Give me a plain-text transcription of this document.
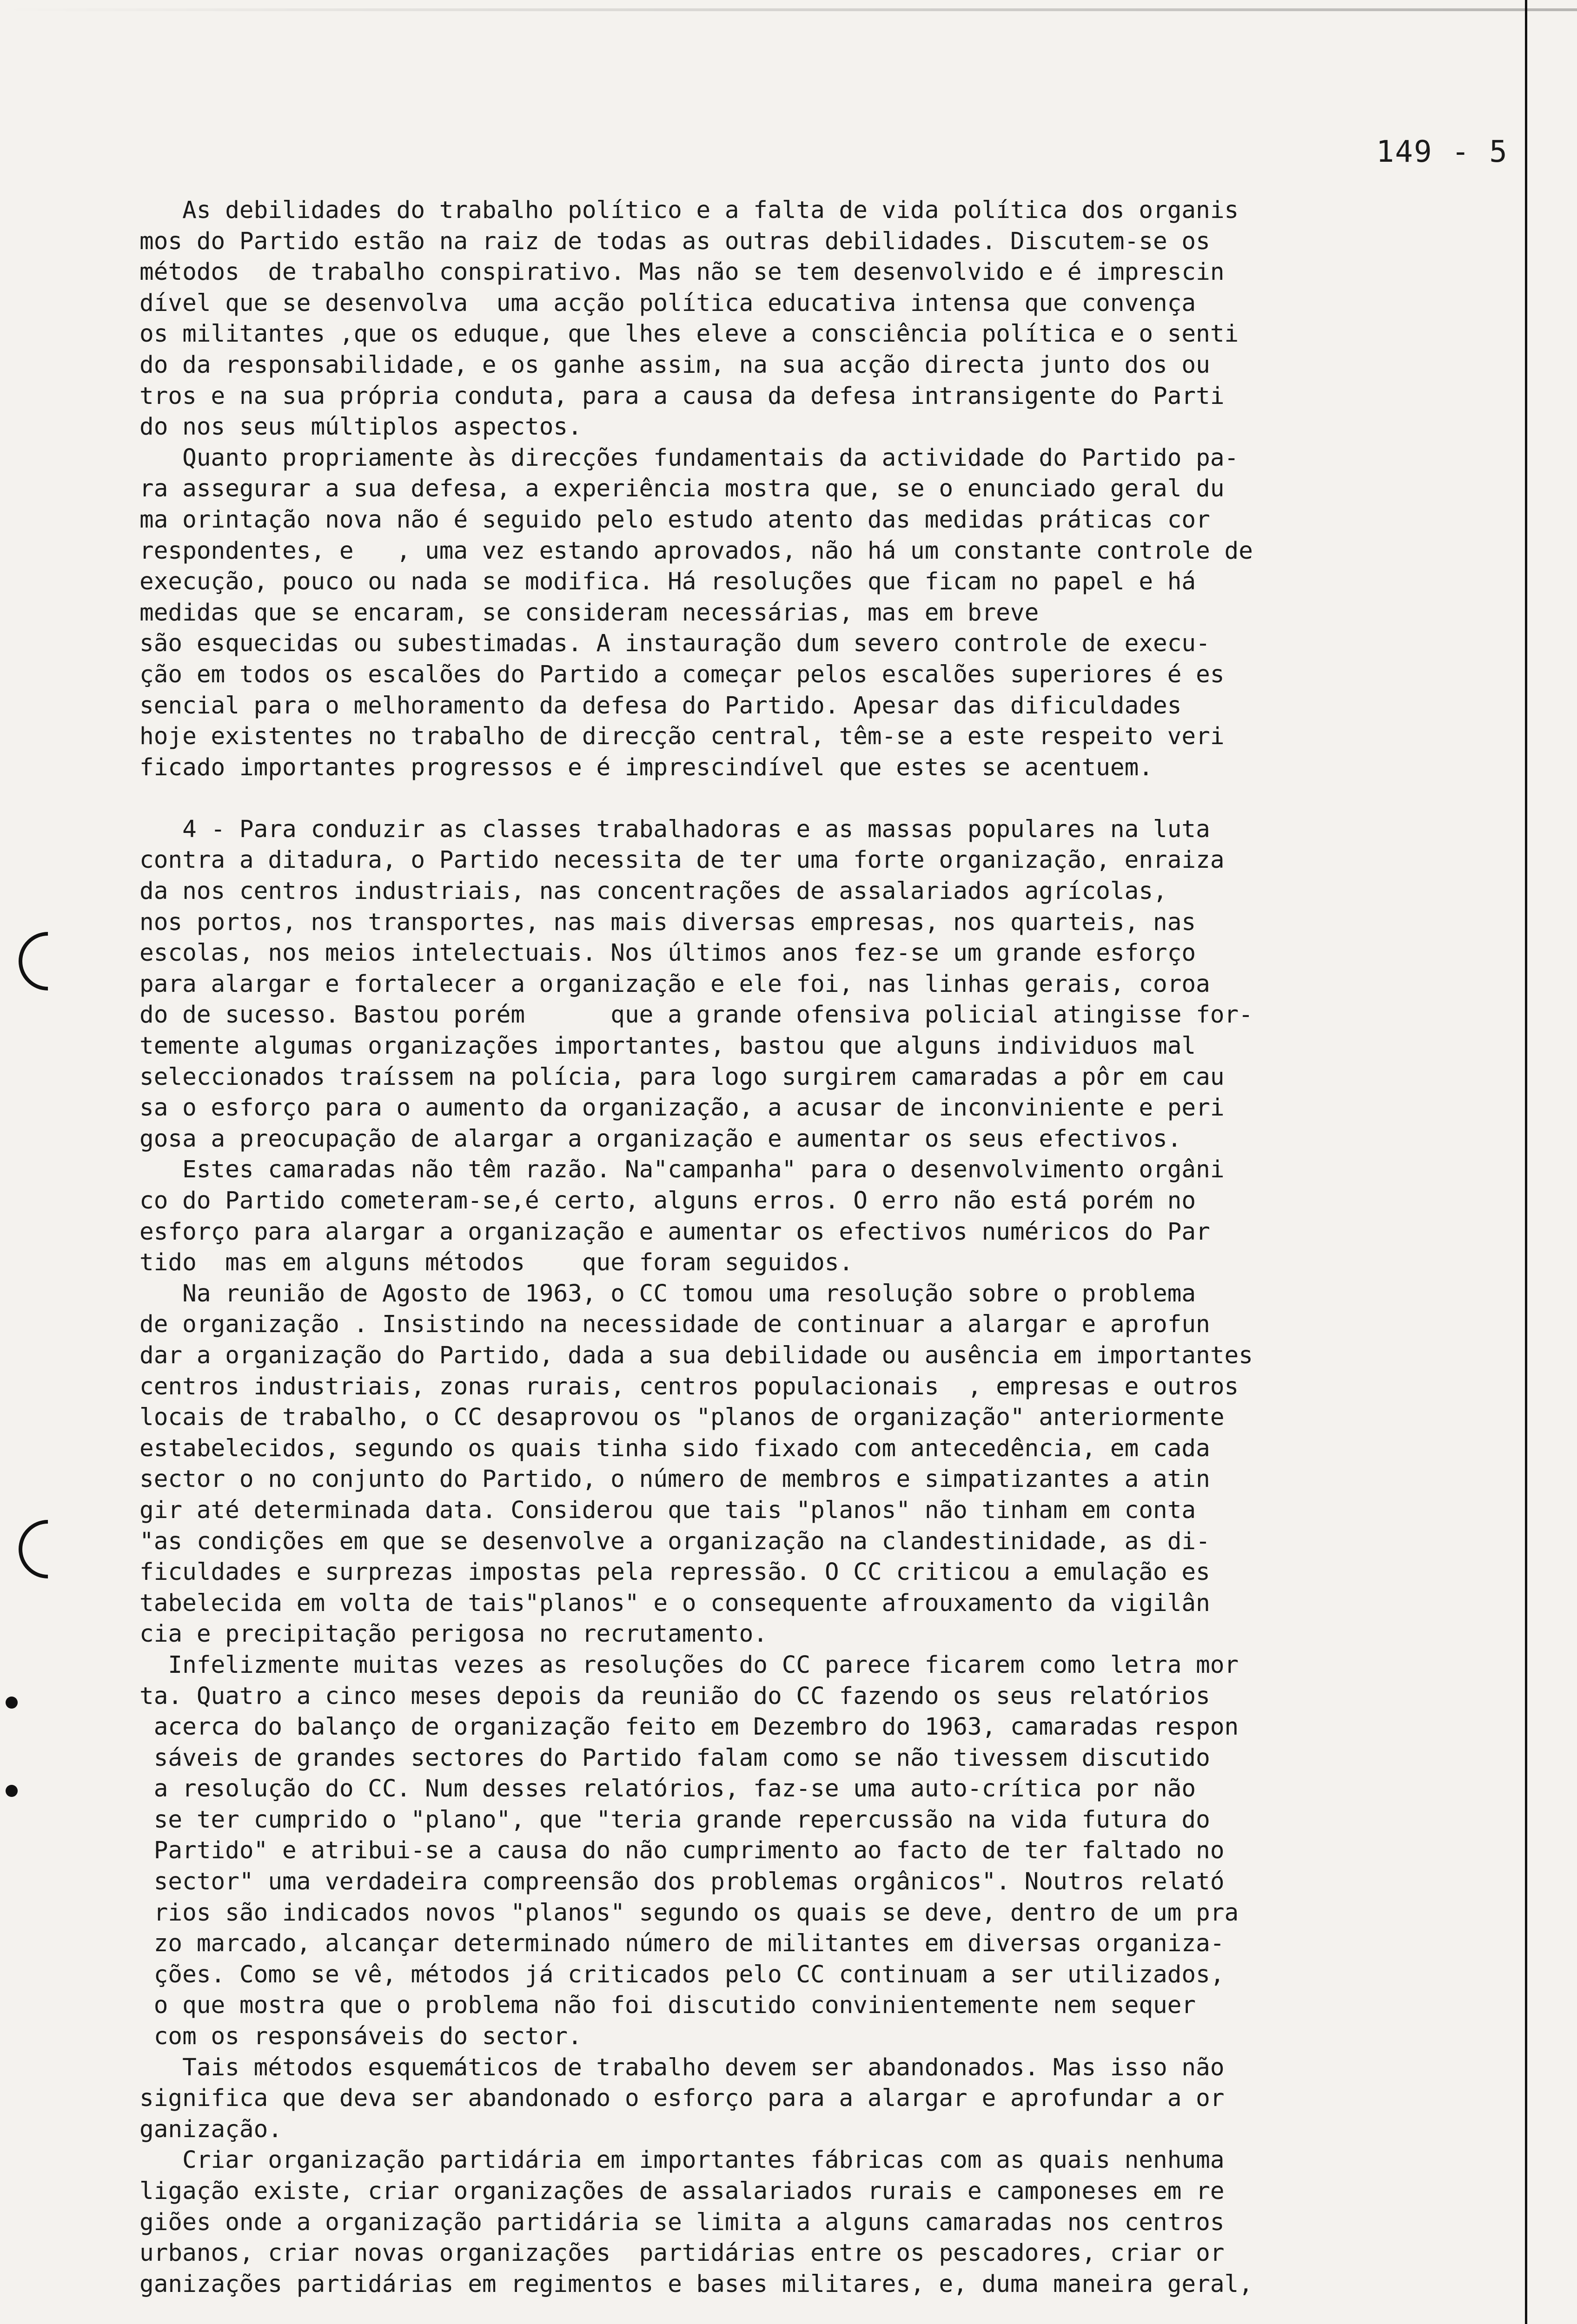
149 - 5
As debilidades do trabalho político e a falta de vida política dos organis
mos do Partido estão na raiz de todas as outras debilidades. Discutem-se os
métodos  de trabalho conspirativo. Mas não se tem desenvolvido e é imprescin
dível que se desenvolva  uma acção política educativa intensa que convença
os militantes ,que os eduque, que lhes eleve a consciência política e o senti
do da responsabilidade, e os ganhe assim, na sua acção directa junto dos ou
tros e na sua própria conduta, para a causa da defesa intransigente do Parti
do nos seus múltiplos aspectos.
Quanto propriamente às direcções fundamentais da actividade do Partido pa-
ra assegurar a sua defesa, a experiência mostra que, se o enunciado geral du
ma orintação nova não é seguido pelo estudo atento das medidas práticas cor
respondentes, e   , uma vez estando aprovados, não há um constante controle de
execução, pouco ou nada se modifica. Há resoluções que ficam no papel e há
medidas que se encaram, se consideram necessárias, mas em breve
são esquecidas ou subestimadas. A instauração dum severo controle de execu-
ção em todos os escalões do Partido a começar pelos escalões superiores é es
sencial para o melhoramento da defesa do Partido. Apesar das dificuldades
hoje existentes no trabalho de direcção central, têm-se a este respeito veri
ficado importantes progressos e é imprescindível que estes se acentuem.

4 - Para conduzir as classes trabalhadoras e as massas populares na luta
contra a ditadura, o Partido necessita de ter uma forte organização, enraiza
da nos centros industriais, nas concentrações de assalariados agrícolas,
nos portos, nos transportes, nas mais diversas empresas, nos quarteis, nas
escolas, nos meios intelectuais. Nos últimos anos fez-se um grande esforço
para alargar e fortalecer a organização e ele foi, nas linhas gerais, coroa
do de sucesso. Bastou porém      que a grande ofensiva policial atingisse for-
temente algumas organizações importantes, bastou que alguns individuos mal
seleccionados traíssem na polícia, para logo surgirem camaradas a pôr em cau
sa o esforço para o aumento da organização, a acusar de inconviniente e peri
gosa a preocupação de alargar a organização e aumentar os seus efectivos.
Estes camaradas não têm razão. Na"campanha" para o desenvolvimento orgâni
co do Partido cometeram-se,é certo, alguns erros. O erro não está porém no
esforço para alargar a organização e aumentar os efectivos numéricos do Par
tido  mas em alguns métodos    que foram seguidos.
Na reunião de Agosto de 1963, o CC tomou uma resolução sobre o problema
de organização . Insistindo na necessidade de continuar a alargar e aprofun
dar a organização do Partido, dada a sua debilidade ou ausência em importantes
centros industriais, zonas rurais, centros populacionais  , empresas e outros
locais de trabalho, o CC desaprovou os "planos de organização" anteriormente
estabelecidos, segundo os quais tinha sido fixado com antecedência, em cada
sector o no conjunto do Partido, o número de membros e simpatizantes a atin
gir até determinada data. Considerou que tais "planos" não tinham em conta
"as condições em que se desenvolve a organização na clandestinidade, as di-
ficuldades e surprezas impostas pela repressão. O CC criticou a emulação es
tabelecida em volta de tais"planos" e o consequente afrouxamento da vigilân
cia e precipitação perigosa no recrutamento.
Infelizmente muitas vezes as resoluções do CC parece ficarem como letra mor
ta. Quatro a cinco meses depois da reunião do CC fazendo os seus relatórios
acerca do balanço de organização feito em Dezembro do 1963, camaradas respon
sáveis de grandes sectores do Partido falam como se não tivessem discutido
a resolução do CC. Num desses relatórios, faz-se uma auto-crítica por não
se ter cumprido o "plano", que "teria grande repercussão na vida futura do
Partido" e atribui-se a causa do não cumprimento ao facto de ter faltado no
sector" uma verdadeira compreensão dos problemas orgânicos". Noutros relató
rios são indicados novos "planos" segundo os quais se deve, dentro de um pra
zo marcado, alcançar determinado número de militantes em diversas organiza-
ções. Como se vê, métodos já criticados pelo CC continuam a ser utilizados,
o que mostra que o problema não foi discutido convinientemente nem sequer
com os responsáveis do sector.
Tais métodos esquemáticos de trabalho devem ser abandonados. Mas isso não
significa que deva ser abandonado o esforço para a alargar e aprofundar a or
ganização.
Criar organização partidária em importantes fábricas com as quais nenhuma
ligação existe, criar organizações de assalariados rurais e camponeses em re
giões onde a organização partidária se limita a alguns camaradas nos centros
urbanos, criar novas organizações  partidárias entre os pescadores, criar or
ganizações partidárias em regimentos e bases militares, e, duma maneira geral,
